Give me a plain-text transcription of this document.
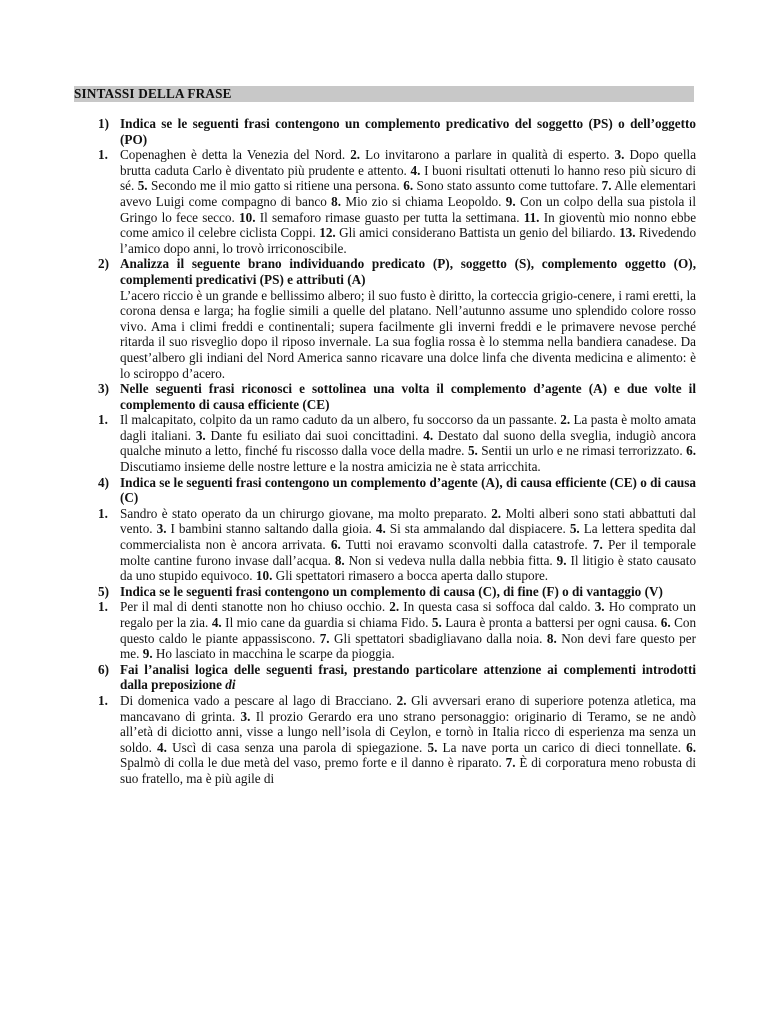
SINTASSI DELLA FRASE
1) Indica se le seguenti frasi contengono un complemento predicativo del soggetto (PS) o dell’oggetto (PO)
1. Copenaghen è detta la Venezia del Nord. 2. Lo invitarono a parlare in qualità di esperto. 3. Dopo quella brutta caduta Carlo è diventato più prudente e attento. 4. I buoni risultati ottenuti lo hanno reso più sicuro di sé. 5. Secondo me il mio gatto si ritiene una persona. 6. Sono stato assunto come tuttofare. 7. Alle elementari avevo Luigi come compagno di banco 8. Mio zio si chiama Leopoldo. 9. Con un colpo della sua pistola il Gringo lo fece secco. 10. Il semaforo rimase guasto per tutta la settimana. 11. In gioventù mio nonno ebbe come amico il celebre ciclista Coppi. 12. Gli amici considerano Battista un genio del biliardo. 13. Rivedendo l’amico dopo anni, lo trovò irriconoscibile.
2) Analizza il seguente brano individuando predicato (P), soggetto (S), complemento oggetto (O), complementi predicativi (PS) e attributi (A)
L’acero riccio è un grande e bellissimo albero; il suo fusto è diritto, la corteccia grigio-cenere, i rami eretti, la corona densa e larga; ha foglie simili a quelle del platano. Nell’autunno assume uno splendido colore rosso vivo. Ama i climi freddi e continentali; supera facilmente gli inverni freddi e le primavere nevose perché ritarda il suo risveglio dopo il riposo invernale. La sua foglia rossa è lo stemma nella bandiera canadese. Da quest’albero gli indiani del Nord America sanno ricavare una dolce linfa che diventa medicina e alimento: è lo sciroppo d’acero.
3) Nelle seguenti frasi riconosci e sottolinea una volta il complemento d’agente (A) e due volte il complemento di causa efficiente (CE)
1. Il malcapitato, colpito da un ramo caduto da un albero, fu soccorso da un passante. 2. La pasta è molto amata dagli italiani. 3. Dante fu esiliato dai suoi concittadini. 4. Destato dal suono della sveglia, indugiò ancora qualche minuto a letto, finché fu riscosso dalla voce della madre. 5. Sentii un urlo e ne rimasi terrorizzato. 6. Discutiamo insieme delle nostre letture e la nostra amicizia ne è stata arricchita.
4) Indica se le seguenti frasi contengono un complemento d’agente (A), di causa efficiente (CE) o di causa (C)
1. Sandro è stato operato da un chirurgo giovane, ma molto preparato. 2. Molti alberi sono stati abbattuti dal vento. 3. I bambini stanno saltando dalla gioia. 4. Si sta ammalando dal dispiacere. 5. La lettera spedita dal commercialista non è ancora arrivata. 6. Tutti noi eravamo sconvolti dalla catastrofe. 7. Per il temporale molte cantine furono invase dall’acqua. 8. Non si vedeva nulla dalla nebbia fitta. 9. Il litigio è stato causato da uno stupido equivoco. 10. Gli spettatori rimasero a bocca aperta dallo stupore.
5) Indica se le seguenti frasi contengono un complemento di causa (C), di fine (F) o di vantaggio (V)
1. Per il mal di denti stanotte non ho chiuso occhio. 2. In questa casa si soffoca dal caldo. 3. Ho comprato un regalo per la zia. 4. Il mio cane da guardia si chiama Fido. 5. Laura è pronta a battersi per ogni causa. 6. Con questo caldo le piante appassiscono. 7. Gli spettatori sbadigliavano dalla noia. 8. Non devi fare questo per me. 9. Ho lasciato in macchina le scarpe da pioggia.
6) Fai l’analisi logica delle seguenti frasi, prestando particolare attenzione ai complementi introdotti dalla preposizione di
1. Di domenica vado a pescare al lago di Bracciano. 2. Gli avversari erano di superiore potenza atletica, ma mancavano di grinta. 3. Il prozio Gerardo era uno strano personaggio: originario di Teramo, se ne andò all’età di diciotto anni, visse a lungo nell’isola di Ceylon, e tornò in Italia ricco di esperienza ma senza un soldo. 4. Uscì di casa senza una parola di spiegazione. 5. La nave porta un carico di dieci tonnellate. 6. Spalmò di colla le due metà del vaso, premo forte e il danno è riparato. 7. È di corporatura meno robusta di suo fratello, ma è più agile di
